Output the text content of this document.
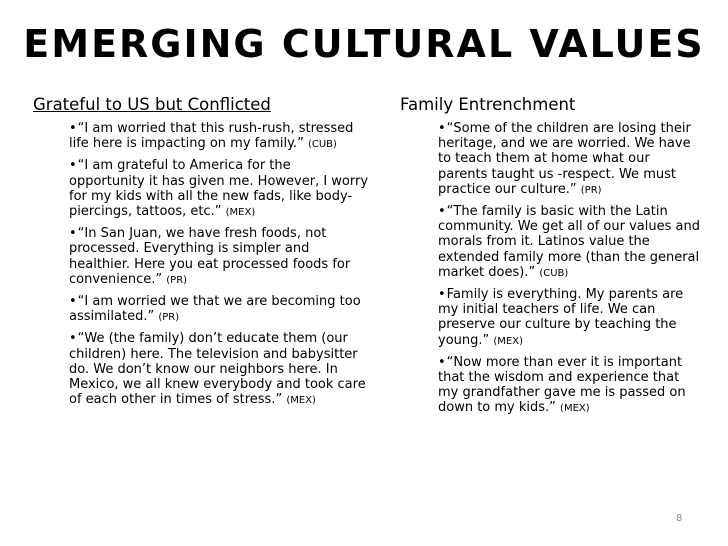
EMERGING CULTURAL VALUES
Grateful to US but Conflicted
•“I am worried that this rush-rush, stressed life here is impacting on my family.” (CUB)
•“I am grateful to America for the opportunity it has given me. However, I worry for my kids with all the new fads, like body-piercings, tattoos, etc.” (MEX)
•“In San Juan, we have fresh foods, not processed. Everything is simpler and healthier. Here you eat processed foods for convenience.” (PR)
•“I am worried we that we are becoming too assimilated.” (PR)
•“We (the family) don’t educate them (our children) here. The television and babysitter do. We don’t know our neighbors here. In Mexico, we all knew everybody and took care of each other in times of stress.” (MEX)
Family Entrenchment
•“Some of the children are losing their heritage, and we are worried. We have to teach them at home what our parents taught us -respect. We must practice our culture.” (PR)
•“The family is basic with the Latin community. We get all of our values and morals from it. Latinos value the extended family more (than the general market does).” (CUB)
•Family is everything. My parents are my initial teachers of life. We can preserve our culture by teaching the young.” (MEX)
•“Now more than ever it is important that the wisdom and experience that my grandfather gave me is passed on down to my kids.” (MEX)
8
